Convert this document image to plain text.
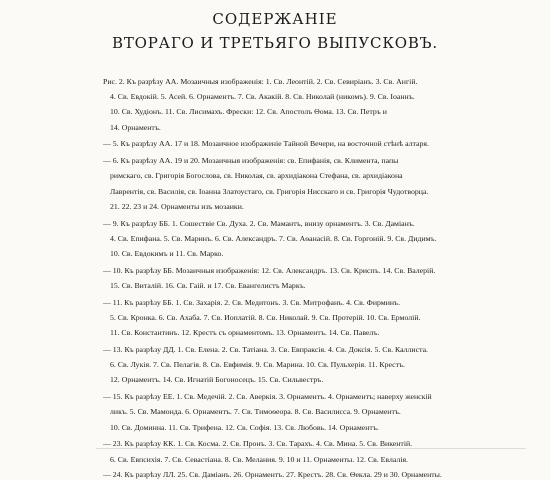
СОДЕРЖАНІЕ
ВТОРАГО И ТРЕТЬЯГО ВЫПУСКОВЪ.
Рис. 2. Къ разрѣзу АА. Мозаичныя изображенія: 1. Св. Леонтій. 2. Св. Севиріанъ. 3. Св. Ангій.
4. Св. Евдокій. 5. Асей. 6. Орнаментъ. 7. Св. Акакій. 8. Св. Николай (никомъ). 9. Св. Іоаннъ.
10. Св. Худіонъ. 11. Св. Лисимахъ. Фрески: 12. Св. Апостолъ Ѳома. 13. Св. Петръ и
14. Орнаментъ.
— 5. Къ разрѣзу АА. 17 и 18. Мозаичное изображеніе Тайной Вечери, на восточной стѣнѣ алтаря.
— 6. Къ разрѣзу АА. 19 и 20. Мозаичныя изображенія: св. Епифанія, св. Климента, папы
римскаго, св. Григорія Богослова, св. Николая, св. архидіакона Стефана, св. архидіакона
Лаврентія, св. Василія, св. Іоанна Златоустаго, св. Григорія Нисскаго и св. Григорія Чудотворца.
21. 22. 23 и 24. Орнаменты изъ мозаики.
— 9. Къ разрѣзу ББ. 1. Сошествіе Св. Духа. 2. Св. Мамантъ, внизу орнаментъ. 3. Св. Даміанъ.
4. Св. Епифана. 5. Св. Маринъ. 6. Св. Александръ. 7. Св. Аѳанасій. 8. Св. Горгоній. 9. Св. Дидимъ.
10. Св. Евдокимъ и 11. Св. Марко.
— 10. Къ разрѣзу ББ. Мозаичныя изображенія: 12. Св. Александръ. 13. Св. Криспъ. 14. Св. Валерій.
15. Св. Виталій. 16. Св. Гаій. и 17. Св. Евангелистъ Маркъ.
— 11. Къ разрѣзу ББ. 1. Св. Захарія. 2. Св. Медитонъ. 3. Св. Митрофанъ. 4. Св. Фирминъ.
5. Св. Кронка. 6. Св. Ахаба. 7. Св. Иоплатій. 8. Св. Николай. 9. Св. Протерій. 10. Св. Ермолій.
11. Св. Константинъ. 12. Крестъ съ орнаментомъ. 13. Орнаментъ. 14. Св. Павелъ.
— 13. Къ разрѣзу ДД. 1. Св. Елена. 2. Св. Татіана. 3. Св. Евпраксія. 4. Св. Доксія. 5. Св. Каллиста.
6. Св. Лукія. 7. Св. Пелагія. 8. Св. Евфимія. 9. Св. Марина. 10. Св. Пульхерія. 11. Крестъ.
12. Орнаментъ. 14. Св. Игнатій Богоносецъ. 15. Св. Сильвестръ.
— 15. Къ разрѣзу ЕЕ. 1. Св. Медечій. 2. Св. Аверкія. 3. Орнаментъ. 4. Орнаментъ; наверху женскій
ликъ. 5. Св. Мамонда. 6. Орнаментъ. 7. Св. Тимоѳеора. 8. Св. Василисса. 9. Орнаментъ.
10. Св. Доминна. 11. Св. Трифена. 12. Св. Софія. 13. Св. Любовь. 14. Орнаментъ.
— 23. Къ разрѣзу КК. 1. Св. Косма. 2. Св. Пронъ. 3. Св. Тарахъ. 4. Св. Мина. 5. Св. Викентій.
6. Св. Евпсихія. 7. Св. Севастіана. 8. Св. Мелания. 9. 10 и 11. Орнаменты. 12. Св. Евлалія.
— 24. Къ разрѣзу ЛЛ. 25. Св. Даміанъ. 26. Орнаментъ. 27. Крестъ. 28. Св. Ѳекла. 29 и 30. Орнаменты.
